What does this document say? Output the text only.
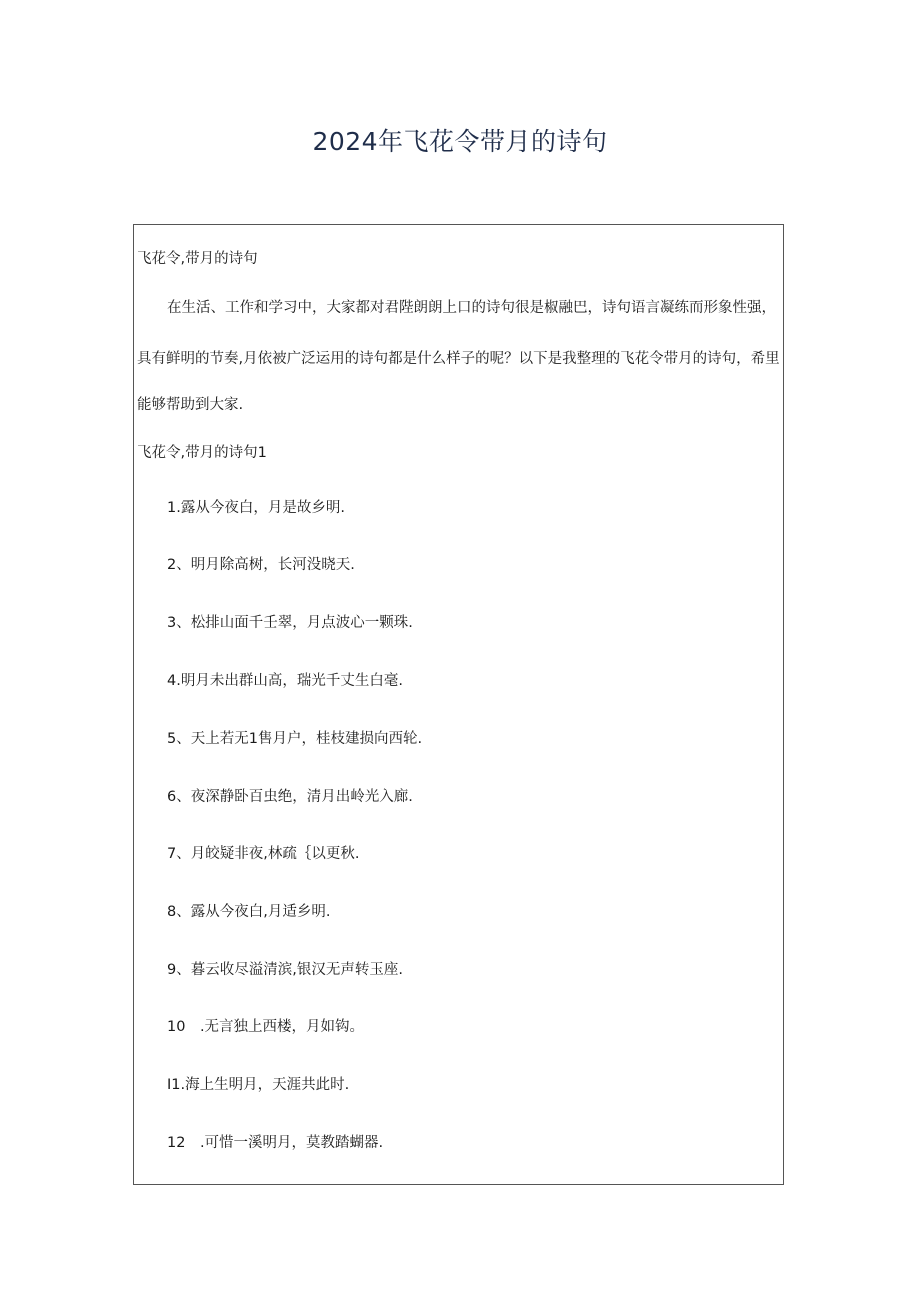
2024年飞花令带月的诗句

飞花令,带月的诗句

在生活、工作和学习中，大家都对君陛朗朗上口的诗句很是椒融巴，诗句语言凝练而形象性强，

具有鲜明的节奏,月依被广泛运用的诗句都是什么样子的呢？以下是我整理的飞花令带月的诗句，希里

能够帮助到大家.

飞花令,带月的诗句1

1.露从今夜白，月是故乡明.

2、明月除高树，长河没晓天.

3、松排山面千壬翠，月点波心一颗珠.

4.明月未出群山高，瑞光千丈生白毫.

5、天上若无1售月户，桂枝建损向西轮.

6、夜深静卧百虫绝，清月出岭光入廊.

7、月皎疑非夜,林疏｛以更秋.

8、露从今夜白,月适乡明.

9、暮云收尽溢清滨,银汉无声转玉座.

10　.无言独上西楼，月如钩。

I1.海上生明月，天涯共此时.

12　.可惜一溪明月，莫教踏蝴器.
